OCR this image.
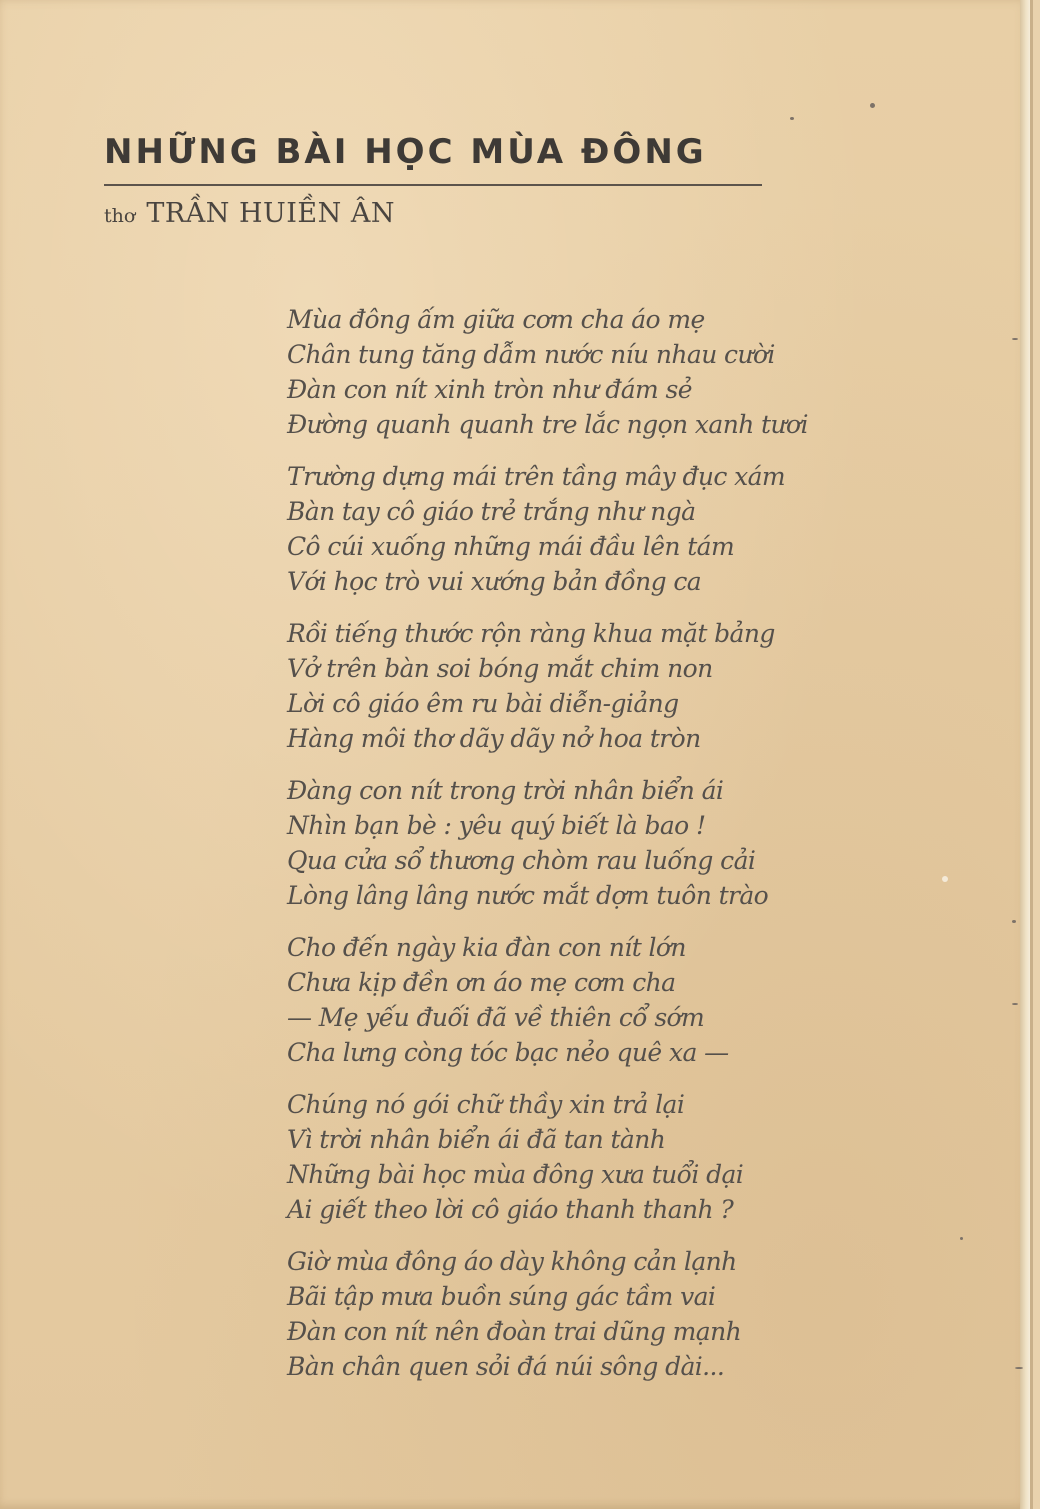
NHỮNG BÀI HỌC MÙA ĐÔNG
thơ TRẦN HUIỀN ÂN
Mùa đông ấm giữa cơm cha áo mẹ
Chân tung tăng dẫm nước níu nhau cười
Đàn con nít xinh tròn như đám sẻ
Đường quanh quanh tre lắc ngọn xanh tươi
Trường dựng mái trên tầng mây đục xám
Bàn tay cô giáo trẻ trắng như ngà
Cô cúi xuống những mái đầu lên tám
Với học trò vui xướng bản đồng ca
Rồi tiếng thước rộn ràng khua mặt bảng
Vở trên bàn soi bóng mắt chim non
Lời cô giáo êm ru bài diễn-giảng
Hàng môi thơ dãy dãy nở hoa tròn
Đàng con nít trong trời nhân biển ái
Nhìn bạn bè : yêu quý biết là bao !
Qua cửa sổ thương chòm rau luống cải
Lòng lâng lâng nước mắt dợm tuôn trào
Cho đến ngày kia đàn con nít lớn
Chưa kịp đền ơn áo mẹ cơm cha
— Mẹ yếu đuối đã về thiên cổ sớm
Cha lưng còng tóc bạc nẻo quê xa —
Chúng nó gói chữ thầy xin trả lại
Vì trời nhân biển ái đã tan tành
Những bài học mùa đông xưa tuổi dại
Ai giết theo lời cô giáo thanh thanh ?
Giờ mùa đông áo dày không cản lạnh
Bãi tập mưa buồn súng gác tầm vai
Đàn con nít nên đoàn trai dũng mạnh
Bàn chân quen sỏi đá núi sông dài...
